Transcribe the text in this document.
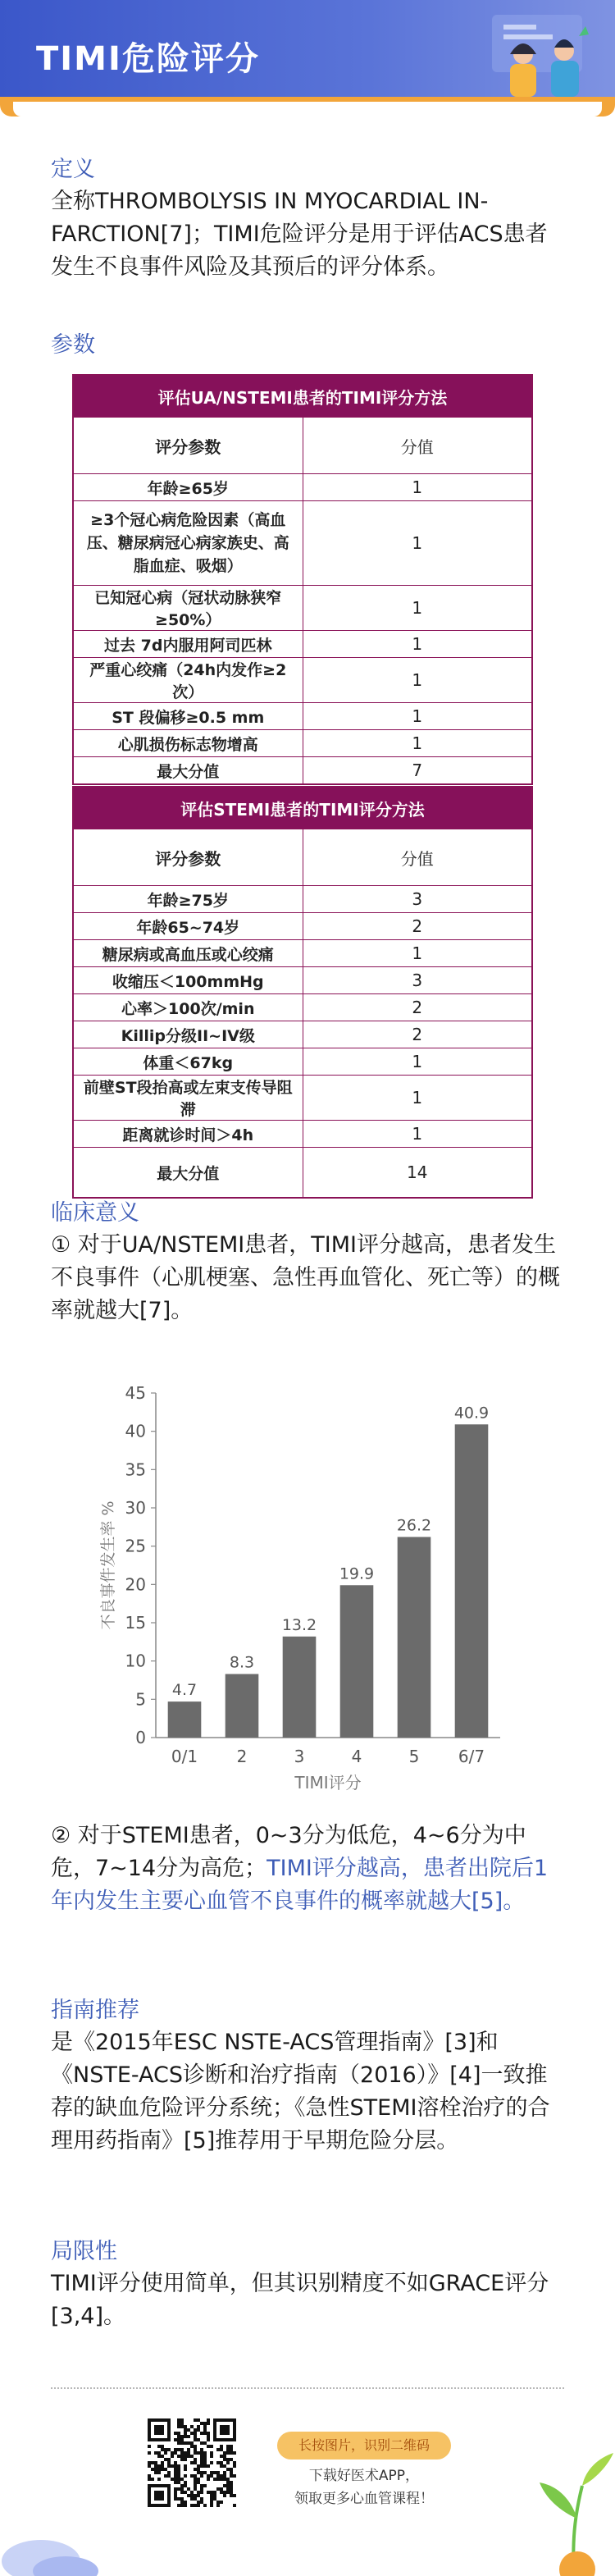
TIMI危险评分
定义
全称THROMBOLYSIS IN MYOCARDIAL IN-FARCTION[7]；TIMI危险评分是用于评估ACS患者发生不良事件风险及其预后的评分体系。
参数
评估UA/NSTEMI患者的TIMI评分方法	
评分参数	分值
年龄≥65岁	1
≥3个冠心病危险因素（高血压、糖尿病冠心病家族史、高脂血症、吸烟）	1
已知冠心病（冠状动脉狭窄≥50%）	1
过去 7d内服用阿司匹林	1
严重心绞痛（24h内发作≥2次）	1
ST 段偏移≥0.5 mm	1
心肌损伤标志物增高	1
最大分值	7
评估STEMI患者的TIMI评分方法	
评分参数	分值
年龄≥75岁	3
年龄65~74岁	2
糖尿病或高血压或心绞痛	1
收缩压＜100mmHg	3
心率＞100次/min	2
Killip分级II~IV级	2
体重＜67kg	1
前壁ST段抬高或左束支传导阻滞	1
距离就诊时间＞4h	1
最大分值	14
临床意义
① 对于UA/NSTEMI患者，TIMI评分越高，患者发生不良事件（心肌梗塞、急性再血管化、死亡等）的概率就越大[7]。
0
5
10
15
20
25
30
35
40
45
4.7
0/1
8.3
2
13.2
3
19.9
4
26.2
5
40.9
6/7
TIMI评分
不良事件发生率 %
② 对于STEMI患者，0~3分为低危，4~6分为中危，7~14分为高危；TIMI评分越高，患者出院后1年内发生主要心血管不良事件的概率就越大[5]。
指南推荐
是《2015年ESC NSTE-ACS管理指南》[3]和《NSTE-ACS诊断和治疗指南（2016）》[4]一致推荐的缺血危险评分系统；《急性STEMI溶栓治疗的合理用药指南》[5]推荐用于早期危险分层。
局限性
TIMI评分使用简单，但其识别精度不如GRACE评分[3,4]。
长按图片，识别二维码
下载好医术APP，
领取更多心血管课程！
